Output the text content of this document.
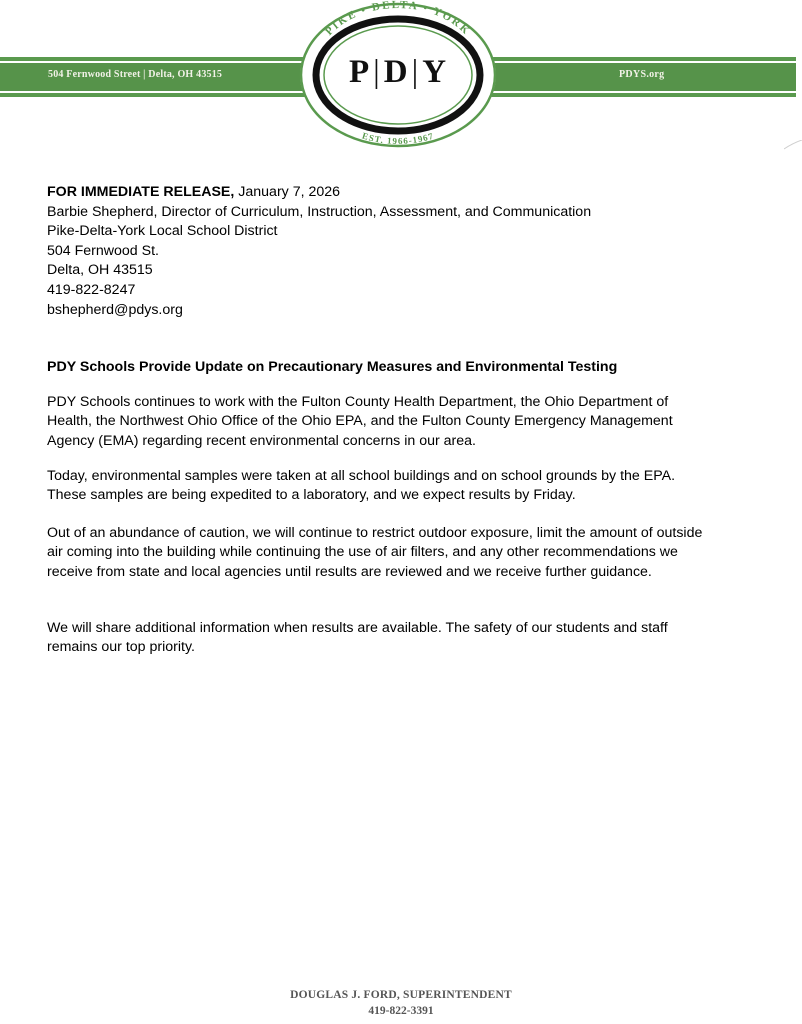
504 Fernwood Street | Delta, OH 43515	PDYS.org
PIKE • DELTA • YORK
EST. 1966-1967
P|D|Y
FOR IMMEDIATE RELEASE, January 7, 2026
Barbie Shepherd, Director of Curriculum, Instruction, Assessment, and Communication
Pike-Delta-York Local School District
504 Fernwood St.
Delta, OH 43515
419-822-8247
bshepherd@pdys.org
PDY Schools Provide Update on Precautionary Measures and Environmental Testing

PDY Schools continues to work with the Fulton County Health Department, the Ohio Department of Health, the Northwest Ohio Office of the Ohio EPA, and the Fulton County Emergency Management Agency (EMA) regarding recent environmental concerns in our area.

Today, environmental samples were taken at all school buildings and on school grounds by the EPA. These samples are being expedited to a laboratory, and we expect results by Friday.

Out of an abundance of caution, we will continue to restrict outdoor exposure, limit the amount of outside air coming into the building while continuing the use of air filters, and any other recommendations we receive from state and local agencies until results are reviewed and we receive further guidance.

We will share additional information when results are available. The safety of our students and staff remains our top priority.

DOUGLAS J. FORD, SUPERINTENDENT
419-822-3391
